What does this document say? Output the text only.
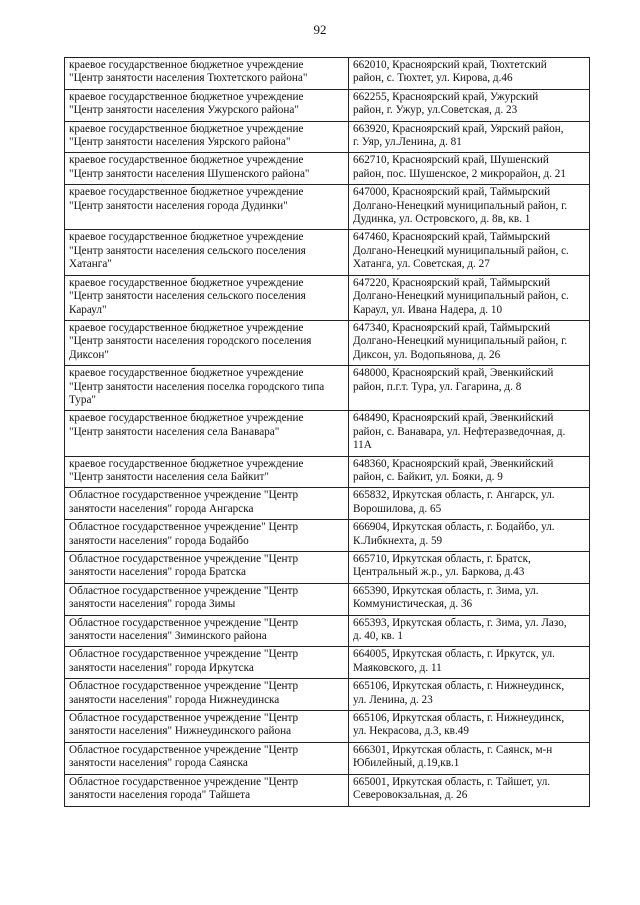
92
краевое государственное бюджетное учреждение
"Центр занятости населения Тюхтетского района"	662010, Красноярский край, Тюхтетский
район, с. Тюхтет, ул. Кирова, д.46

краевое государственное бюджетное учреждение
"Центр занятости населения Ужурского района"	662255, Красноярский край, Ужурский
район, г. Ужур, ул.Советская, д. 23

краевое государственное бюджетное учреждение
"Центр занятости населения Уярского района"	663920, Красноярский край, Уярский район,
г. Уяр, ул.Ленина, д. 81

краевое государственное бюджетное учреждение
"Центр занятости населения Шушенского района"	662710, Красноярский край, Шушенский
район, пос. Шушенское, 2 микрорайон, д. 21

краевое государственное бюджетное учреждение
"Центр занятости населения города Дудинки"	647000, Красноярский край, Таймырский
Долгано-Ненецкий муниципальный район, г.
Дудинка, ул. Островского, д. 8в, кв. 1

краевое государственное бюджетное учреждение
"Центр занятости населения сельского поселения
Хатанга"	647460, Красноярский край, Таймырский
Долгано-Ненецкий муниципальный район, с.
Хатанга, ул. Советская, д. 27

краевое государственное бюджетное учреждение
"Центр занятости населения сельского поселения
Караул"	647220, Красноярский край, Таймырский
Долгано-Ненецкий муниципальный район, с.
Караул, ул. Ивана Надера, д. 10

краевое государственное бюджетное учреждение
"Центр занятости населения городского поселения
Диксон"	647340, Красноярский край, Таймырский
Долгано-Ненецкий муниципальный район, г.
Диксон, ул. Водопьянова, д. 26

краевое государственное бюджетное учреждение
"Центр занятости населения поселка городского типа
Тура"	648000, Красноярский край, Эвенкийский
район, п.г.т. Тура, ул. Гагарина, д. 8

краевое государственное бюджетное учреждение
"Центр занятости населения села Ванавара"	648490, Красноярский край, Эвенкийский
район, с. Ванавара, ул. Нефтеразведочная, д.
11А

краевое государственное бюджетное учреждение
"Центр занятости населения села Байкит"	648360, Красноярский край, Эвенкийский
район, с. Байкит, ул. Бояки, д. 9

Областное государственное учреждение "Центр
занятости населения" города Ангарска	665832, Иркутская область, г. Ангарск, ул.
Ворошилова, д. 65

Областное государственное учреждение" Центр
занятости населения" города Бодайбо	666904, Иркутская область, г. Бодайбо, ул.
К.Либкнехта, д. 59

Областное государственное учреждение "Центр
занятости населения" города Братска	665710, Иркутская область, г. Братск,
Центральный ж.р., ул. Баркова, д.43

Областное государственное учреждение "Центр
занятости населения" города Зимы	665390, Иркутская область, г. Зима, ул.
Коммунистическая, д. 36

Областное государственное учреждение "Центр
занятости населения" Зиминского района	665393, Иркутская область, г. Зима, ул. Лазо,
д. 40, кв. 1

Областное государственное учреждение "Центр
занятости населения" города Иркутска	664005, Иркутская область, г. Иркутск, ул.
Маяковского, д. 11

Областное государственное учреждение "Центр
занятости населения" города Нижнеудинска	665106, Иркутская область, г. Нижнеудинск,
ул. Ленина, д. 23

Областное государственное учреждение "Центр
занятости населения" Нижнеудинского района	665106, Иркутская область, г. Нижнеудинск,
ул. Некрасова, д.3, кв.49

Областное государственное учреждение "Центр
занятости населения" города Саянска	666301, Иркутская область, г. Саянск, м-н
Юбилейный, д.19,кв.1

Областное государственное учреждение "Центр
занятости населения города" Тайшета	665001, Иркутская область, г. Тайшет, ул.
Северовокзальная, д. 26
